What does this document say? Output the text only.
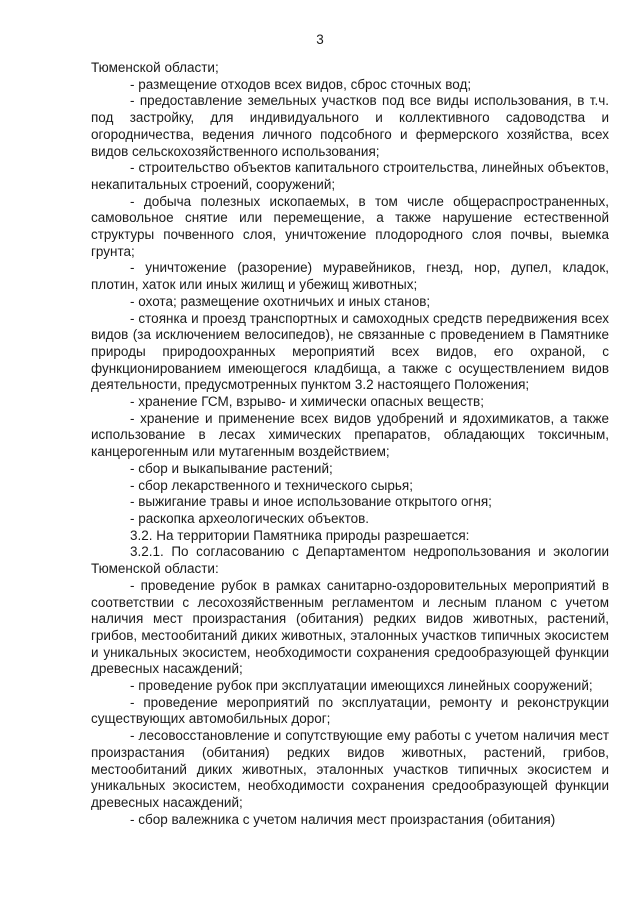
3

Тюменской области;

- размещение отходов всех видов, сброс сточных вод;

- предоставление земельных участков под все виды использования, в т.ч. под застройку, для индивидуального и коллективного садоводства и огородничества, ведения личного подсобного и фермерского хозяйства, всех видов сельскохозяйственного использования;

- строительство объектов капитального строительства, линейных объектов, некапитальных строений, сооружений;

- добыча полезных ископаемых, в том числе общераспространенных, самовольное снятие или перемещение, а также нарушение естественной структуры почвенного слоя, уничтожение плодородного слоя почвы, выемка грунта;

- уничтожение (разорение) муравейников, гнезд, нор, дупел, кладок, плотин, хаток или иных жилищ и убежищ животных;

- охота; размещение охотничьих и иных станов;

- стоянка и проезд транспортных и самоходных средств передвижения всех видов (за исключением велосипедов), не связанные с проведением в Памятнике природы природоохранных мероприятий всех видов, его охраной, с функционированием имеющегося кладбища, а также с осуществлением видов деятельности, предусмотренных пунктом 3.2 настоящего Положения;

- хранение ГСМ, взрыво- и химически опасных веществ;

- хранение и применение всех видов удобрений и ядохимикатов, а также использование в лесах химических препаратов, обладающих токсичным, канцерогенным или мутагенным воздействием;

- сбор и выкапывание растений;

- сбор лекарственного и технического сырья;

- выжигание травы и иное использование открытого огня;

- раскопка археологических объектов.

3.2. На территории Памятника природы разрешается:

3.2.1. По согласованию с Департаментом недропользования и экологии Тюменской области:

- проведение рубок в рамках санитарно-оздоровительных мероприятий в соответствии с лесохозяйственным регламентом и лесным планом с учетом наличия мест произрастания (обитания) редких видов животных, растений, грибов, местообитаний диких животных, эталонных участков типичных экосистем и уникальных экосистем, необходимости сохранения средообразующей функции древесных насаждений;

- проведение рубок при эксплуатации имеющихся линейных сооружений;

- проведение мероприятий по эксплуатации, ремонту и реконструкции существующих автомобильных дорог;

- лесовосстановление и сопутствующие ему работы с учетом наличия мест произрастания (обитания) редких видов животных, растений, грибов, местообитаний диких животных, эталонных участков типичных экосистем и уникальных экосистем, необходимости сохранения средообразующей функции древесных насаждений;

- сбор валежника с учетом наличия мест произрастания (обитания)
